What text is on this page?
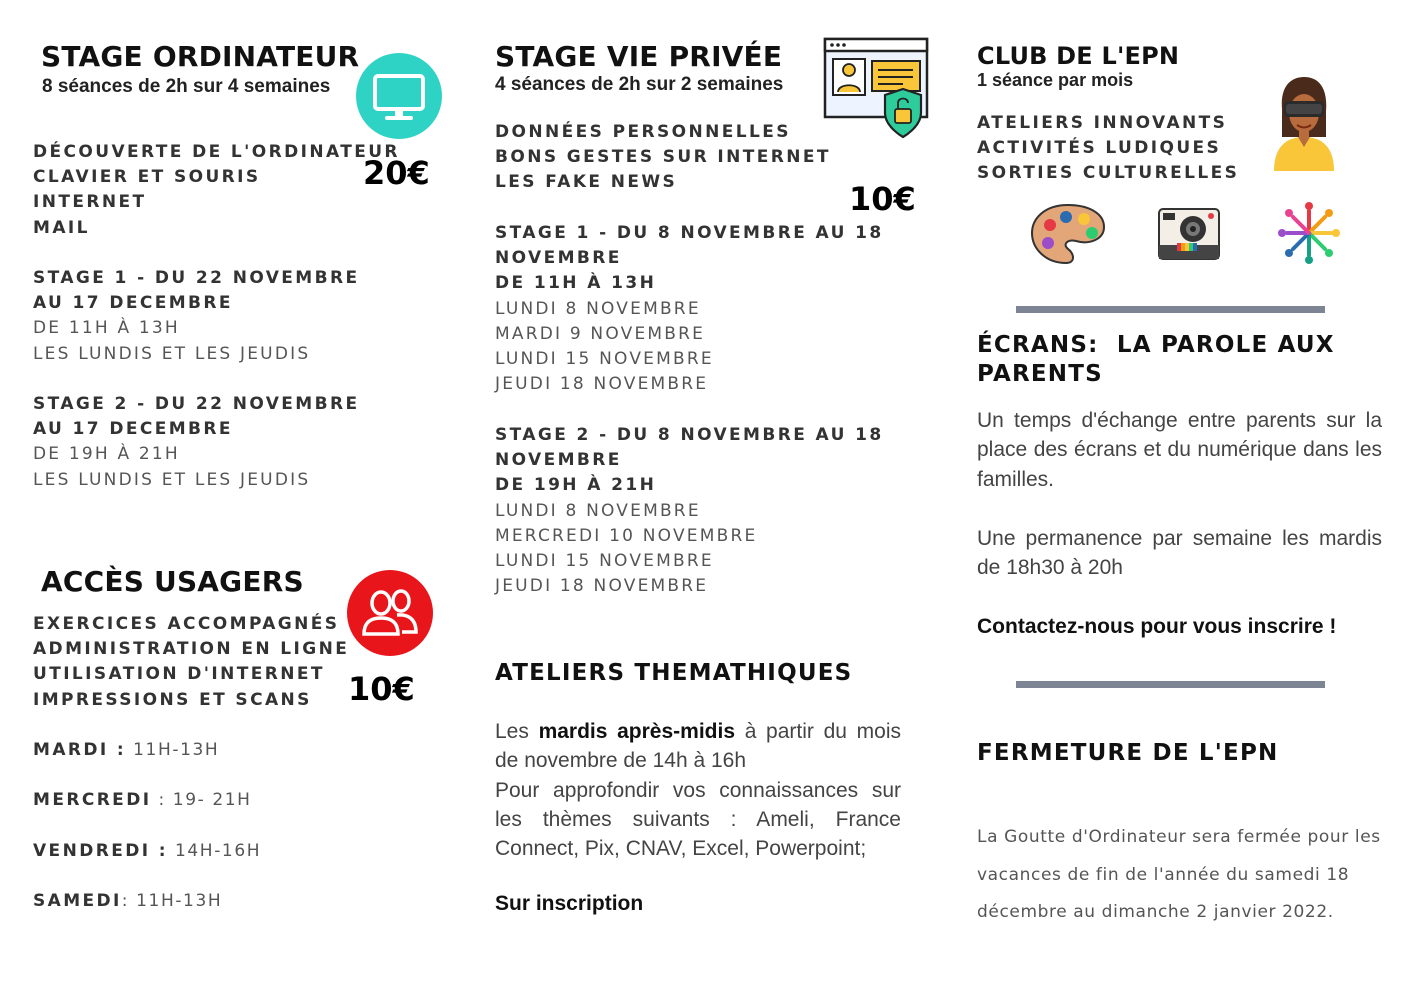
STAGE ORDINATEUR
8 séances de 2h sur 4 semaines
DÉCOUVERTE DE L'ORDINATEUR
CLAVIER ET SOURIS
INTERNET
MAIL
20€
STAGE 1 - DU 22 NOVEMBRE
AU 17 DECEMBRE
DE 11H À 13H
LES LUNDIS ET LES JEUDIS
STAGE 2 - DU 22 NOVEMBRE
AU 17 DECEMBRE
DE 19H À 21H
LES LUNDIS ET LES JEUDIS
ACCÈS USAGERS
EXERCICES ACCOMPAGNÉS
ADMINISTRATION EN LIGNE
UTILISATION D'INTERNET
IMPRESSIONS ET SCANS	10€
MARDI : 11H-13H
MERCREDI : 19- 21H
VENDREDI : 14H-16H
SAMEDI: 11H-13H
STAGE VIE PRIVÉE
4 séances de 2h sur 2 semaines
DONNÉES PERSONNELLES
BONS GESTES SUR INTERNET
LES FAKE NEWS	10€
STAGE 1 - DU 8 NOVEMBRE AU 18
NOVEMBRE
DE 11H À 13H
LUNDI 8 NOVEMBRE
MARDI 9 NOVEMBRE
LUNDI 15 NOVEMBRE
JEUDI 18 NOVEMBRE
STAGE 2 - DU 8 NOVEMBRE AU 18
NOVEMBRE
DE 19H À 21H
LUNDI 8 NOVEMBRE
MERCREDI 10 NOVEMBRE
LUNDI 15 NOVEMBRE
JEUDI 18 NOVEMBRE
ATELIERS THEMATHIQUES
Les mardis après-midis à partir du mois de novembre de 14h à 16h
Pour approfondir vos connaissances sur les thèmes suivants : Ameli, France Connect, Pix, CNAV, Excel, Powerpoint;
Sur inscription
CLUB DE L'EPN
1 séance par mois
ATELIERS INNOVANTS
ACTIVITÉS LUDIQUES
SORTIES CULTURELLES
ÉCRANS:  LA PAROLE AUX
PARENTS
Un temps d'échange entre parents sur la place des écrans et du numérique dans les familles.
Une permanence par semaine les mardis de 18h30 à 20h
Contactez-nous pour vous inscrire !
FERMETURE DE L'EPN
La Goutte d'Ordinateur sera fermée pour les vacances de fin de l'année du samedi 18 décembre au dimanche 2 janvier 2022.
